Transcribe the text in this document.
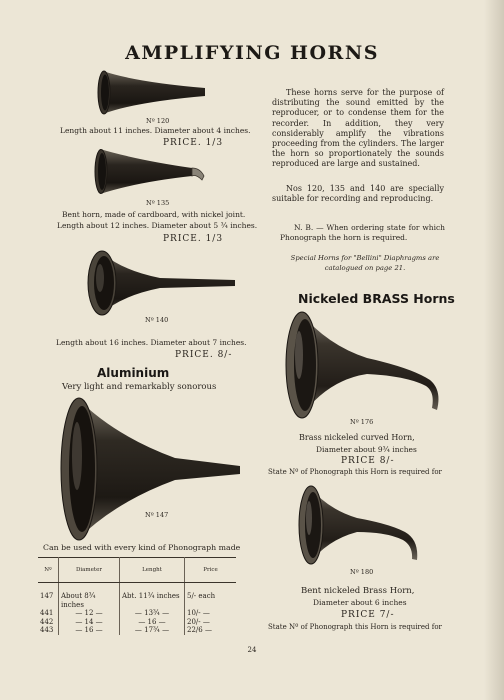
AMPLIFYING HORNS
Nº 120
Length about 11 inches. Diameter about 4 inches.
PRICE. 1/3
Nº 135
Bent horn, made of cardboard, with nickel joint.
Length about 12 inches. Diameter about 5 ¾ inches.
PRICE. 1/3
Nº 140
Length about 16 inches. Diameter about 7 inches.
PRICE. 8/-
Aluminium
Very light and remarkably sonorous
Nº 147
Can be used with every kind of Phonograph made
Nº	Diameter	Lenght	Price
147	About 8¾ inches	Abt. 11¾ inches	5/- each
441	— 12 —	— 13¾ —	10/- —
442	— 14 —	— 16 —	20/- —
443	— 16 —	— 17¾ —	22/6 —
These horns serve for the purpose of distributing the sound emitted by the reproducer, or to condense them for the recorder. In addition, they very considerably amplify the vibrations proceeding from the cylinders. The larger the horn so proportionately the sounds reproduced are large and sustained.
Nos 120, 135 and 140 are specially suitable for recording and reproducing.
N. B. — When ordering state for which Phonograph the horn is required.
Special Horns for "Bellini" Diaphragms are catalogued on page 21.
Nickeled BRASS Horns
Nº 176
Brass nickeled curved Horn,
Diameter about 9¾ inches
PRICE 8/-
State Nº of Phonograph this Horn is required for
Nº 180
Bent nickeled Brass Horn,
Diameter about 6 inches
PRICE 7/-
State Nº of Phonograph this Horn is required for
24
